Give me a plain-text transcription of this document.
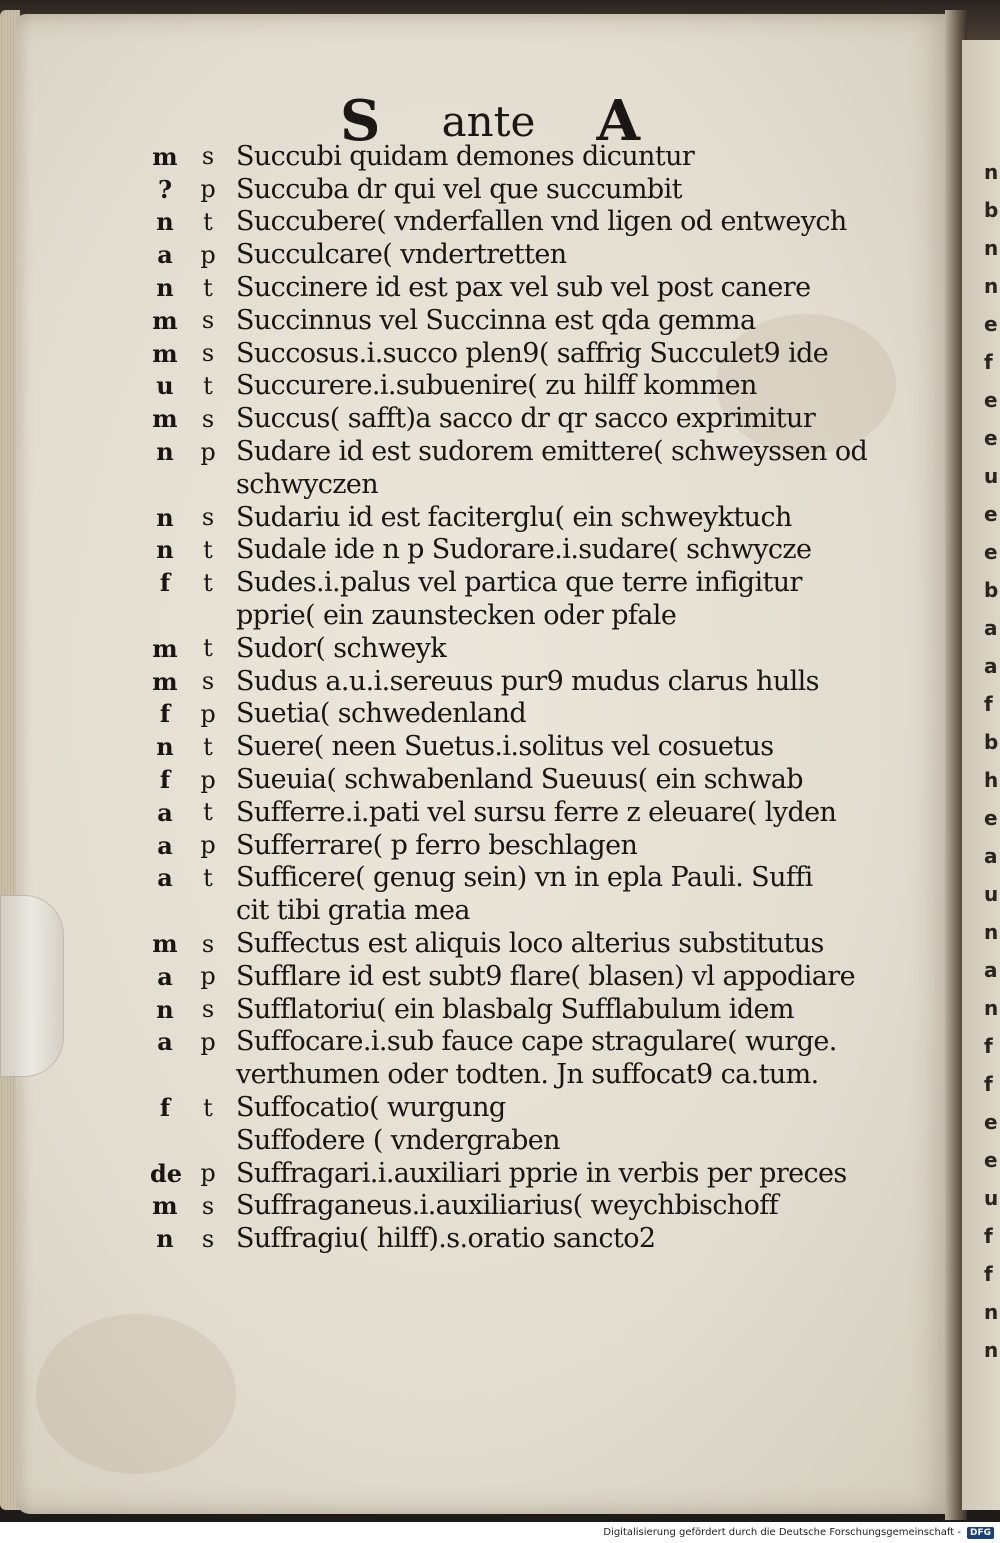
n
b
n
n
e
f
e
e
u
e
e
b
a
a
f
b
h
e
a
u
n
a
n
f
f
e
e
u
f
f
n
n
S ante A
m	s Succubi quidam demones dicuntur
?	p Succuba dr qui vel que succumbit
n	t Succubere( vnderfallen vnd ligen od entweych
a	p Succulcare( vndertretten
n	t Succinere id est pax vel sub vel post canere
m	s Succinnus vel Succinna est qda gemma
m	s Succosus.i.succo plen9( saffrig Succulet9 ide
u	t Succurere.i.subuenire( zu hilff kommen
m	s Succus( safft)a sacco dr qr sacco exprimitur
n	p Sudare id est sudorem emittere( schweyssen od
schwyczen
n	s Sudariu id est faciterglu( ein schweyktuch
n	t Sudale ide n p Sudorare.i.sudare( schwycze
f	t Sudes.i.palus vel partica que terre infigitur
pprie( ein zaunstecken oder pfale
m	t Sudor( schweyk
m	s Sudus a.u.i.sereuus pur9 mudus clarus hulls
f	p Suetia( schwedenland
n	t Suere( neen Suetus.i.solitus vel cosuetus
f	p Sueuia( schwabenland Sueuus( ein schwab
a	t Sufferre.i.pati vel sursu ferre z eleuare( lyden
a	p Sufferrare( p ferro beschlagen
a	t Sufficere( genug sein) vn in epla Pauli. Suffi
cit tibi gratia mea
m	s Suffectus est aliquis loco alterius substitutus
a	p Sufflare id est subt9 flare( blasen) vl appodiare
n	s Sufflatoriu( ein blasbalg Sufflabulum idem
a	p Suffocare.i.sub fauce cape stragulare( wurge.
verthumen oder todten. Jn suffocat9 ca.tum.
f	t Suffocatio( wurgung
Suffodere ( vndergraben
de p Suffragari.i.auxiliari pprie in verbis per preces
m	s Suffraganeus.i.auxiliarius( weychbischoff
n	s Suffragiu( hilff).s.oratio sancto2
Digitalisierung gefördert durch die Deutsche Forschungsgemeinschaft -	DFG
